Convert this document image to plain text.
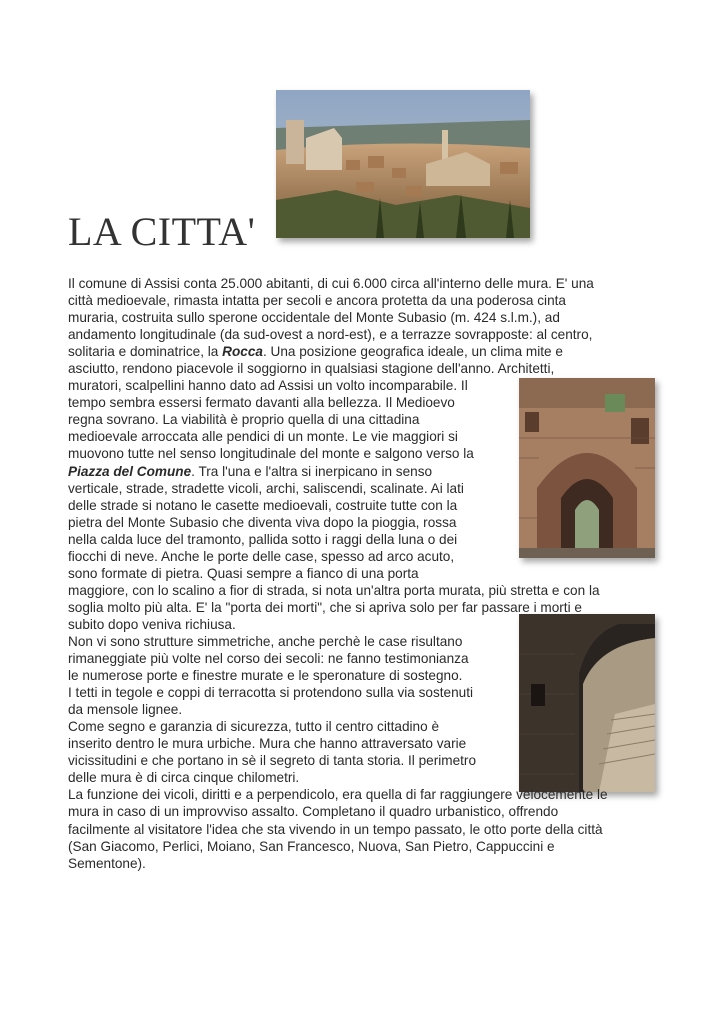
LA CITTA'

Il comune di Assisi conta 25.000 abitanti, di cui 6.000 circa all'interno delle mura. E' una
città medioevale, rimasta intatta per secoli e ancora protetta da una poderosa cinta
muraria, costruita sullo sperone occidentale del Monte Subasio (m. 424 s.l.m.), ad
andamento longitudinale (da sud-ovest a nord-est), e a terrazze sovrapposte: al centro,
solitaria e dominatrice, la Rocca. Una posizione geografica ideale, un clima mite e
asciutto, rendono piacevole il soggiorno in qualsiasi stagione dell'anno. Architetti,
muratori, scalpellini hanno dato ad Assisi un volto incomparabile. Il
tempo sembra essersi fermato davanti alla bellezza. Il Medioevo
regna sovrano. La viabilità è proprio quella di una cittadina
medioevale arroccata alle pendici di un monte. Le vie maggiori si
muovono tutte nel senso longitudinale del monte e salgono verso la
Piazza del Comune. Tra l'una e l'altra si inerpicano in senso
verticale, strade, stradette vicoli, archi, saliscendi, scalinate. Ai lati
delle strade si notano le casette medioevali, costruite tutte con la
pietra del Monte Subasio che diventa viva dopo la pioggia, rossa
nella calda luce del tramonto, pallida sotto i raggi della luna o dei
fiocchi di neve. Anche le porte delle case, spesso ad arco acuto,
sono formate di pietra. Quasi sempre a fianco di una porta
maggiore, con lo scalino a fior di strada, si nota un'altra porta murata, più stretta e con la
soglia molto più alta. E' la "porta dei morti", che si apriva solo per far passare i morti e
subito dopo veniva richiusa.
Non vi sono strutture simmetriche, anche perchè le case risultano
rimaneggiate più volte nel corso dei secoli: ne fanno testimonianza
le numerose porte e finestre murate e le speronature di sostegno.
I tetti in tegole e coppi di terracotta si protendono sulla via sostenuti
da mensole lignee.
Come segno e garanzia di sicurezza, tutto il centro cittadino è
inserito dentro le mura urbiche. Mura che hanno attraversato varie
vicissitudini e che portano in sè il segreto di tanta storia. Il perimetro
delle mura è di circa cinque chilometri.
La funzione dei vicoli, diritti e a perpendicolo, era quella di far raggiungere velocemente le
mura in caso di un improvviso assalto. Completano il quadro urbanistico, offrendo
facilmente al visitatore l'idea che sta vivendo in un tempo passato, le otto porte della città
(San Giacomo, Perlici, Moiano, San Francesco, Nuova, San Pietro, Cappuccini e
Sementone).
